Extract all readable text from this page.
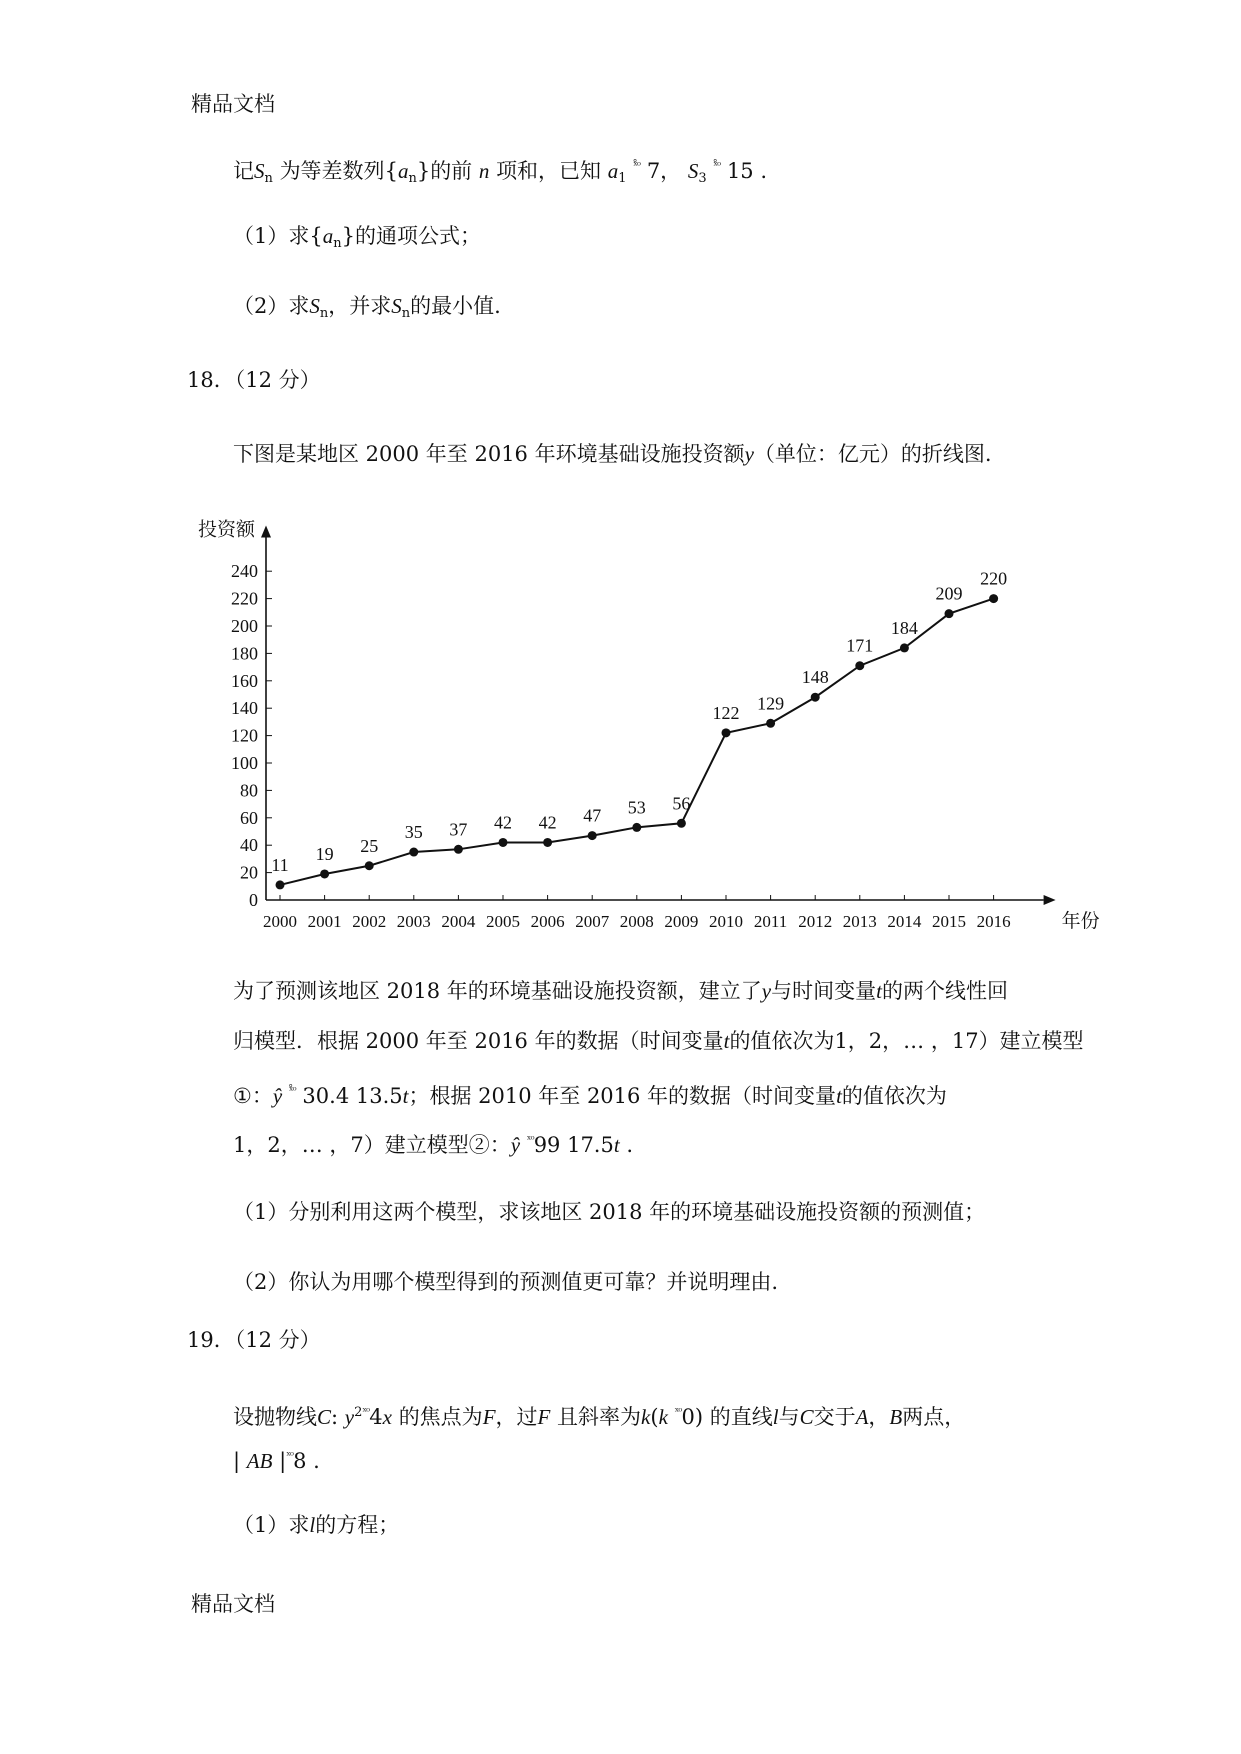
精品文档
记$S_n$ 为等差数列$\{a_n\}$的前 n 项和，已知 $a_1$ $^{ˣ̊ᵒ}$ 7， $S_3$ $^{ˣ̊ᵒ}$ 15 .
（1）求$\{a_n\}$的通项公式；
（2）求$S_n$，并求$S_n$的最小值.
18．（12 分）
下图是某地区 2000 年至 2016 年环境基础设施投资额y（单位：亿元）的折线图.
投资额
年份
0
20
40
60
80
100
120
140
160
180
200
220
240
2000 2001 2002 2003 2004 2005 2006 2007 2008 2009 2010 2011 2012 2013 2014 2015 2016
11
19 25
35 37 42 42 47 53 56
122 129
148
171
184
209
220
为了预测该地区 2018 年的环境基础设施投资额，建立了y与时间变量t的两个线性回
归模型．根据 2000 年至 2016 年的数据（时间变量t的值依次为1，2，… ，17）建立模型
①：ŷ $^{ˣ̊ᵒ}$ 30.4 13.5t；根据 2010 年至 2016 年的数据（时间变量t的值依次为
1，2，… ，7）建立模型②：ŷ $^{ˣᵒ}$99 17.5t .
（1）分别利用这两个模型，求该地区 2018 年的环境基础设施投资额的预测值；
（2）你认为用哪个模型得到的预测值更可靠？并说明理由.
19．（12 分）
设抛物线C: $y^{2ˣᵒ}4x$ 的焦点为F，过F 且斜率为k(k $^{ˣᵒ}$0) 的直线l与C交于A，B两点，
| AB $|^{ˣᵒ}8$ .
（1）求l的方程；
精品文档
